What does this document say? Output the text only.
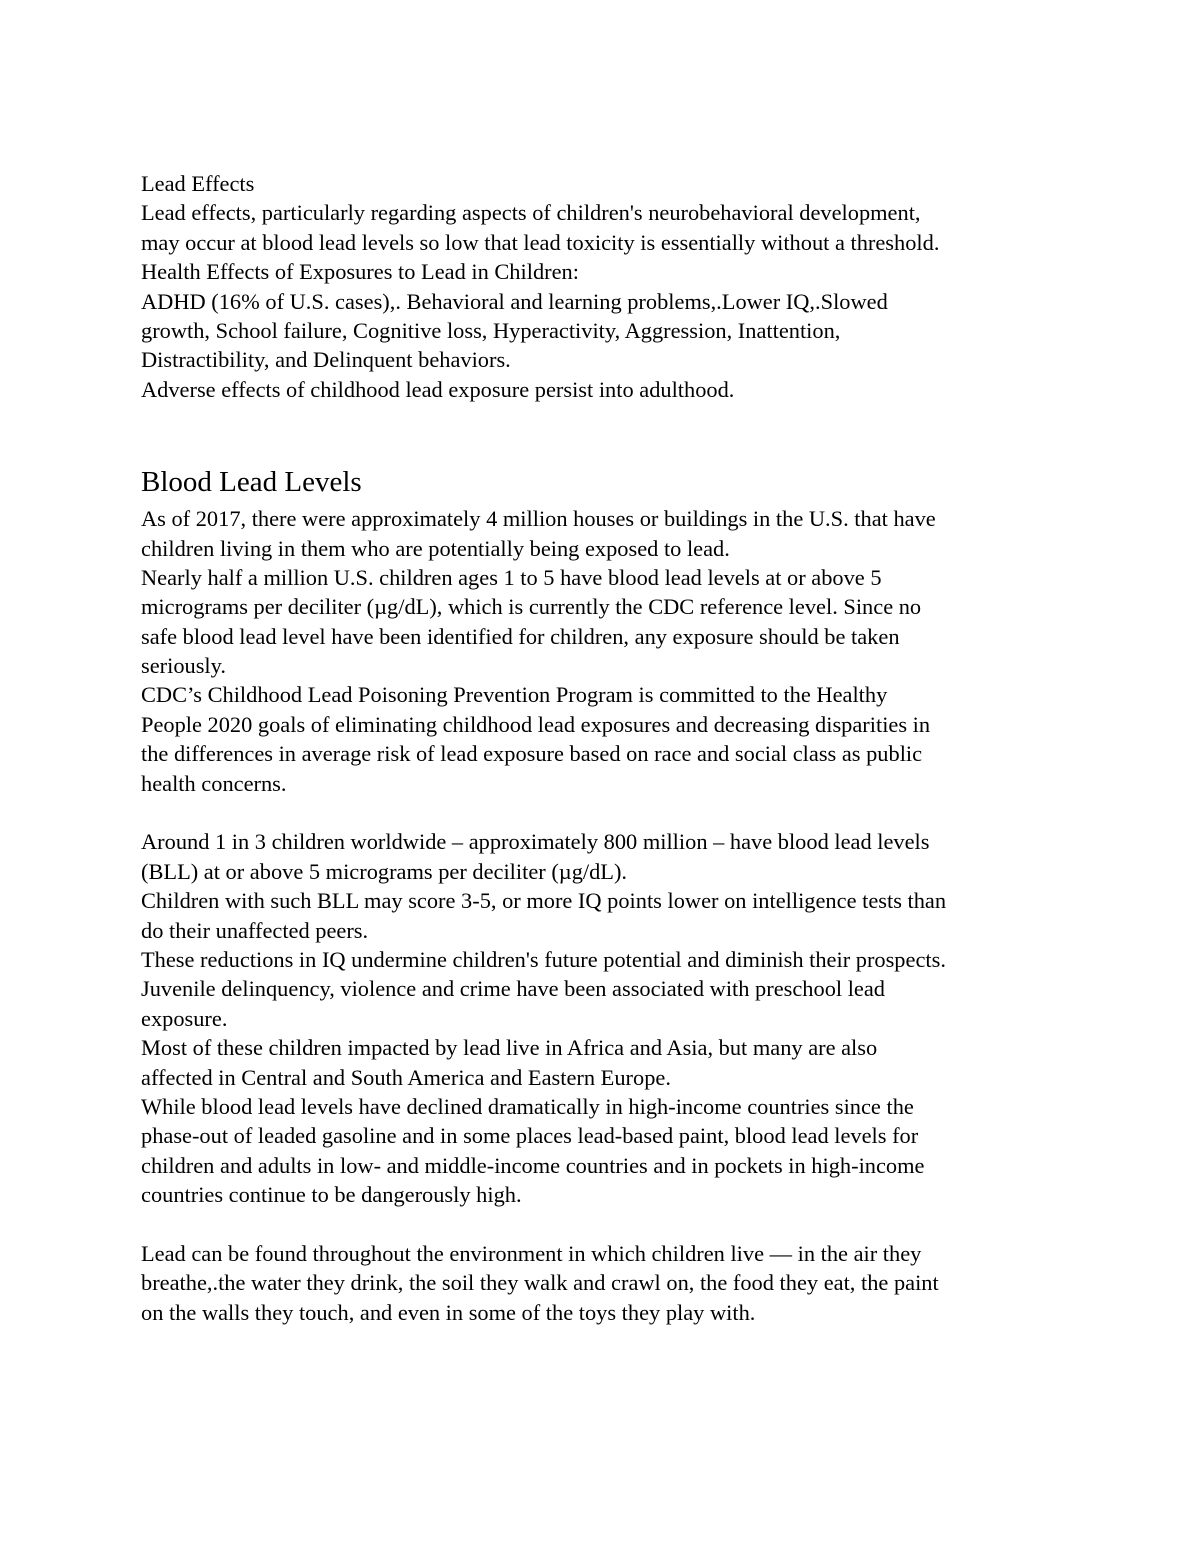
Lead Effects
Lead effects, particularly regarding aspects of children's neurobehavioral development,
may occur at blood lead levels so low that lead toxicity is essentially without a threshold.
Health Effects of Exposures to Lead in Children:
ADHD (16% of U.S. cases),. Behavioral and learning problems,.Lower IQ,.Slowed
growth, School failure, Cognitive loss, Hyperactivity, Aggression, Inattention,
Distractibility, and Delinquent behaviors.
Adverse effects of childhood lead exposure persist into adulthood.
Blood Lead Levels
As of 2017, there were approximately 4 million houses or buildings in the U.S. that have
children living in them who are potentially being exposed to lead.
Nearly half a million U.S. children ages 1 to 5 have blood lead levels at or above 5
micrograms per deciliter (µg/dL), which is currently the CDC reference level. Since no
safe blood lead level have been identified for children, any exposure should be taken
seriously.
CDC’s Childhood Lead Poisoning Prevention Program is committed to the Healthy
People 2020 goals of eliminating childhood lead exposures and decreasing disparities in
the differences in average risk of lead exposure based on race and social class as public
health concerns.
Around 1 in 3 children worldwide – approximately 800 million – have blood lead levels
(BLL) at or above 5 micrograms per deciliter (µg/dL).
Children with such BLL may score 3-5, or more IQ points lower on intelligence tests than
do their unaffected peers.
These reductions in IQ undermine children's future potential and diminish their prospects.
Juvenile delinquency, violence and crime have been associated with preschool lead
exposure.
Most of these children impacted by lead live in Africa and Asia, but many are also
affected in Central and South America and Eastern Europe.
While blood lead levels have declined dramatically in high-income countries since the
phase-out of leaded gasoline and in some places lead-based paint, blood lead levels for
children and adults in low- and middle-income countries and in pockets in high-income
countries continue to be dangerously high.
Lead can be found throughout the environment in which children live — in the air they
breathe,.the water they drink, the soil they walk and crawl on, the food they eat, the paint
on the walls they touch, and even in some of the toys they play with.
